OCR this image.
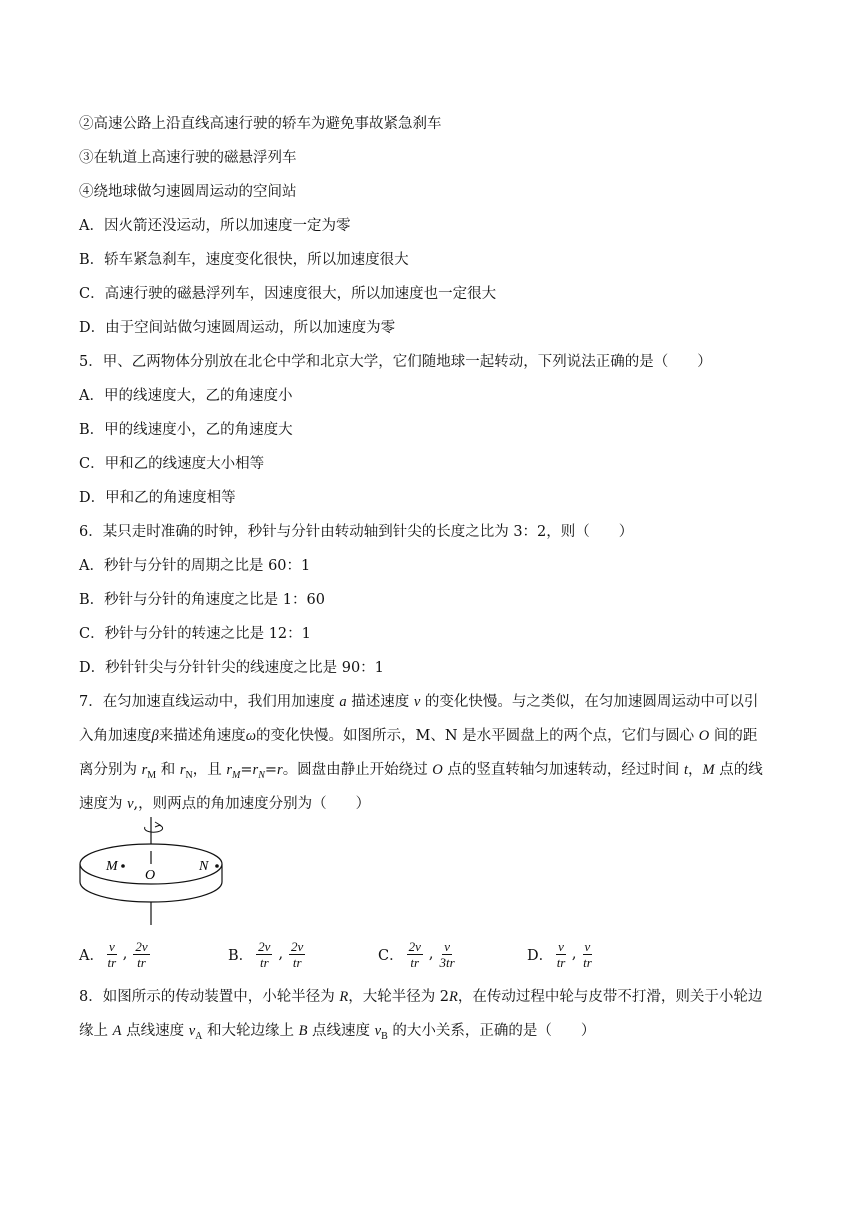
②高速公路上沿直线高速行驶的轿车为避免事故紧急刹车
③在轨道上高速行驶的磁悬浮列车
④绕地球做匀速圆周运动的空间站
A．因火箭还没运动，所以加速度一定为零
B．轿车紧急刹车，速度变化很快，所以加速度很大
C．高速行驶的磁悬浮列车，因速度很大，所以加速度也一定很大
D．由于空间站做匀速圆周运动，所以加速度为零
5．甲、乙两物体分别放在北仑中学和北京大学，它们随地球一起转动，下列说法正确的是（　　）
A．甲的线速度大，乙的角速度小
B．甲的线速度小，乙的角速度大
C．甲和乙的线速度大小相等
D．甲和乙的角速度相等
6．某只走时准确的时钟，秒针与分针由转动轴到针尖的长度之比为 3：2，则（　　）
A．秒针与分针的周期之比是 60：1
B．秒针与分针的角速度之比是 1：60
C．秒针与分针的转速之比是 12：1
D．秒针针尖与分针针尖的线速度之比是 90：1
7．在匀加速直线运动中，我们用加速度 a 描述速度 v 的变化快慢。与之类似，在匀加速圆周运动中可以引
入角加速度β来描述角速度ω的变化快慢。如图所示，M、N 是水平圆盘上的两个点，它们与圆心 O 间的距
离分别为 $r_M$ 和 $r_N$，且 $r_M=r_N=r$。圆盘由静止开始绕过 O 点的竖直转轴匀加速转动，经过时间 t，M 点的线
速度为 v,，则两点的角加速度分别为（　　）
M
O
N
A． $\frac{v}{tr}$ , $\frac{2v}{tr}$	B． $\frac{2v}{tr}$ , $\frac{2v}{tr}$	C． $\frac{2v}{tr}$ , $\frac{v}{3tr}$	D． $\frac{v}{tr}$ , $\frac{v}{tr}$
8．如图所示的传动装置中，小轮半径为 R，大轮半径为 2R，在传动过程中轮与皮带不打滑，则关于小轮边
缘上 A 点线速度 $v_A$ 和大轮边缘上 B 点线速度 $v_B$ 的大小关系，正确的是（　　）
